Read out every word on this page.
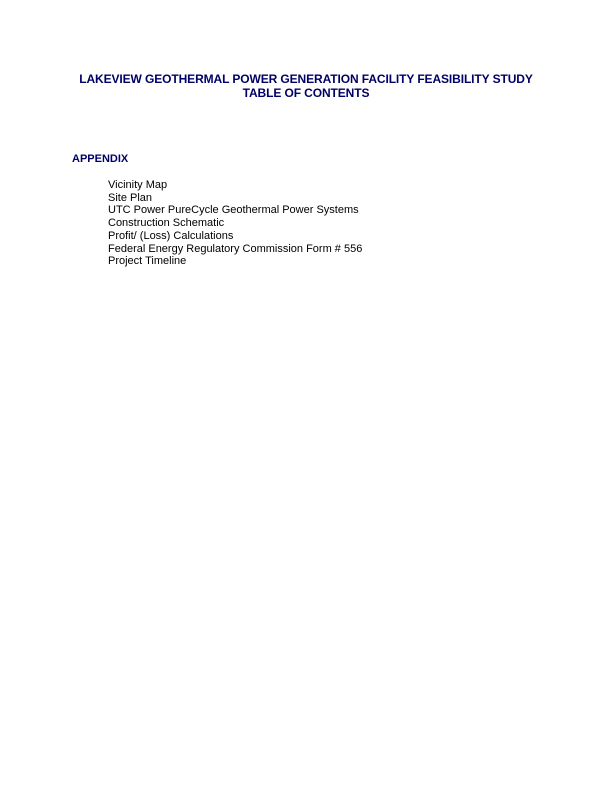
LAKEVIEW GEOTHERMAL POWER GENERATION FACILITY FEASIBILITY STUDY
TABLE OF CONTENTS
APPENDIX
Vicinity Map
Site Plan
UTC Power PureCycle Geothermal Power Systems
Construction Schematic
Profit/ (Loss) Calculations
Federal Energy Regulatory Commission Form # 556
Project Timeline
